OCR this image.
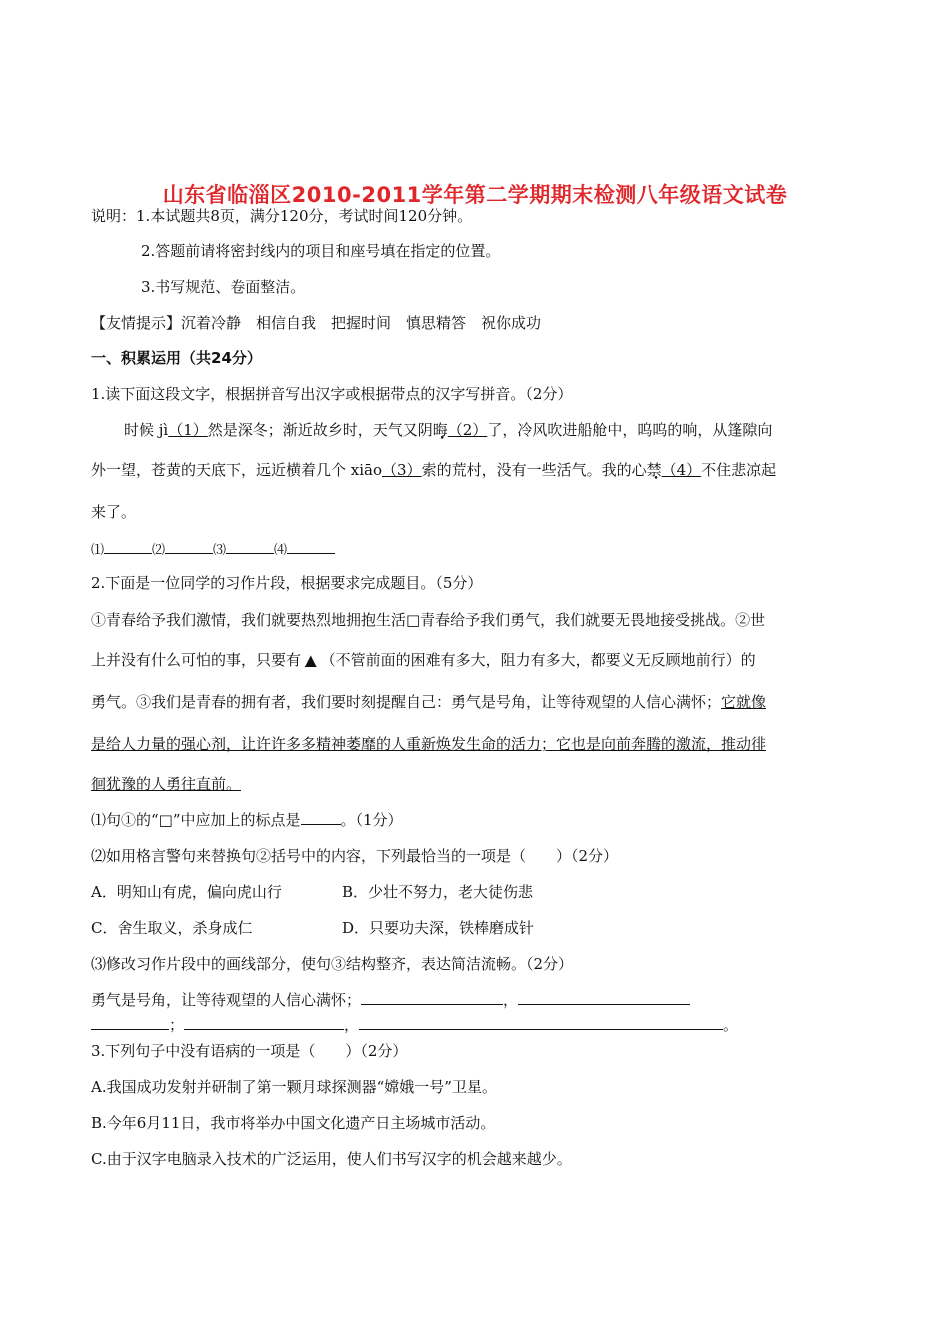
山东省临淄区2010-2011学年第二学期期末检测八年级语文试卷
说明：1.本试题共8页，满分120分，考试时间120分钟。
2.答题前请将密封线内的项目和座号填在指定的位置。
3.书写规范、卷面整洁。
【友情提示】沉着冷静　相信自我　把握时间　慎思精答　祝你成功
一、积累运用（共24分）
1.读下面这段文字，根据拼音写出汉字或根据带点的汉字写拼音。（2分）
时候 jì（1）然是深冬；渐近故乡时，天气又阴晦（2）了，冷风吹进船舱中，呜呜的响，从篷隙向
外一望，苍黄的天底下，远近横着几个 xiāo（3）索的荒村，没有一些活气。我的心禁（4）不住悲凉起
来了。
⑴	⑵	⑶	⑷
2.下面是一位同学的习作片段，根据要求完成题目。（5分）
①青春给予我们激情，我们就要热烈地拥抱生活□青春给予我们勇气，我们就要无畏地接受挑战。②世
上并没有什么可怕的事，只要有 ▲ （不管前面的困难有多大，阻力有多大，都要义无反顾地前行）的
勇气。③我们是青春的拥有者，我们要时刻提醒自己：勇气是号角，让等待观望的人信心满怀；它就像
是给人力量的强心剂，让许许多多精神萎靡的人重新焕发生命的活力；它也是向前奔腾的激流，推动徘
徊犹豫的人勇往直前。
⑴句①的“□”中应加上的标点是	。（1分）
⑵如用格言警句来替换句②括号中的内容，下列最恰当的一项是（　　）（2分）
A．明知山有虎，偏向虎山行	B．少壮不努力，老大徒伤悲
C．舍生取义，杀身成仁	D．只要功夫深，铁棒磨成针
⑶修改习作片段中的画线部分，使句③结构整齐，表达简洁流畅。（2分）
勇气是号角，让等待观望的人信心满怀；	，
；	，	。
3.下列句子中没有语病的一项是（　　）（2分）
A.我国成功发射并研制了第一颗月球探测器“嫦娥一号”卫星。
B.今年6月11日，我市将举办中国文化遗产日主场城市活动。
C.由于汉字电脑录入技术的广泛运用，使人们书写汉字的机会越来越少。
